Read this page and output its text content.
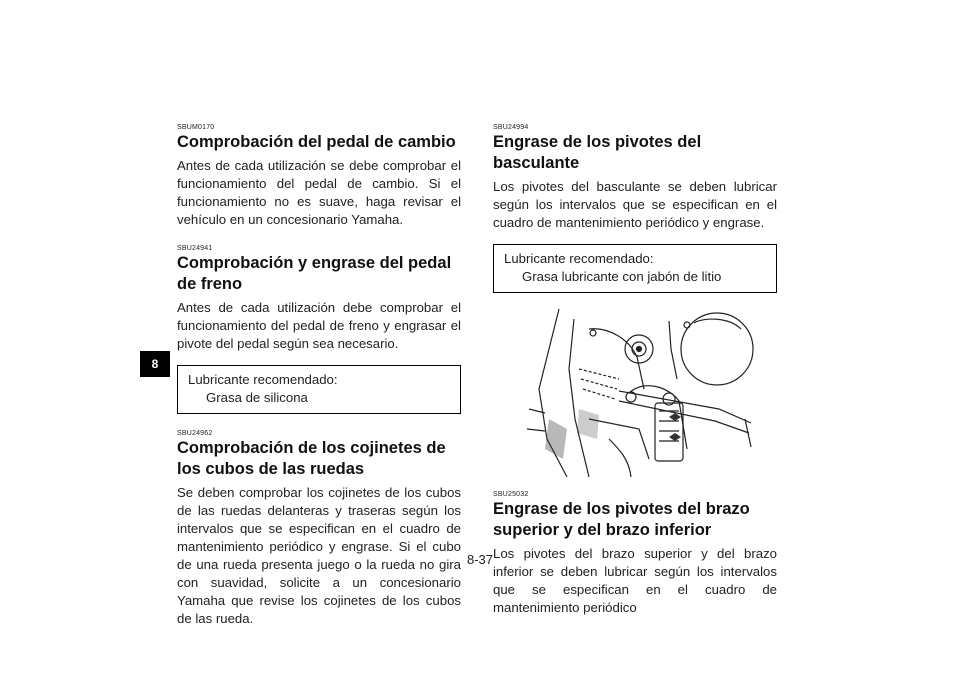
8
SBUM0170
Comprobación del pedal de cambio

Antes de cada utilización se debe comprobar el funcionamiento del pedal de cambio. Si el funcionamiento no es suave, haga revisar el vehículo en un concesionario Yamaha.

SBU24941
Comprobación y engrase del pedal de freno

Antes de cada utilización debe comprobar el funcionamiento del pedal de freno y engrasar el pivote del pedal según sea necesario.

Lubricante recomendado:
Grasa de silicona
SBU24962
Comprobación de los cojinetes de los cubos de las ruedas

Se deben comprobar los cojinetes de los cubos de las ruedas delanteras y traseras según los intervalos que se especifican en el cuadro de mantenimiento periódico y engrase. Si el cubo de una rueda presenta juego o la rueda no gira con suavidad, solicite a un concesionario Yamaha que revise los cojinetes de los cubos de las rueda.

SBU24994
Engrase de los pivotes del basculante

Los pivotes del basculante se deben lubricar según los intervalos que se especifican en el cuadro de mantenimiento periódico y engrase.

Lubricante recomendado:
Grasa lubricante con jabón de litio
SBU25032
Engrase de los pivotes del brazo superior y del brazo inferior

Los pivotes del brazo superior y del brazo inferior se deben lubricar según los intervalos que se especifican en el cuadro de mantenimiento periódico

8-37
